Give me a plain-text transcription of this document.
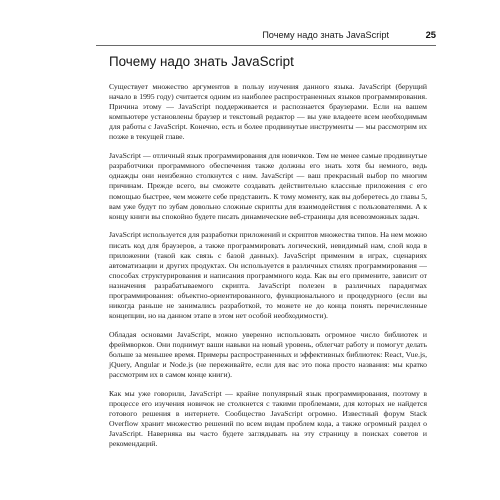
Почему надо знать JavaScript	25
Почему надо знать JavaScript

Существует множество аргументов в пользу изучения данного языка. JavaScript (берущий начало в 1995 году) считается одним из наиболее распространенных языков программирования. Причина этому — JavaScript поддерживается и распознается браузерами. Если на вашем компьютере установлены браузер и текстовый редактор — вы уже владеете всем необходимым для работы с JavaScript. Конечно, есть и более продвинутые инструменты — мы рассмотрим их позже в текущей главе.

JavaScript — отличный язык программирования для новичков. Тем не менее самые продвинутые разработчики программного обеспечения также должны его знать хотя бы немного, ведь однажды они неизбежно столкнутся с ним. JavaScript — ваш прекрасный выбор по многим причинам. Прежде всего, вы сможете создавать действительно классные приложения с его помощью быстрее, чем можете себе представить. К тому моменту, как вы доберетесь до главы 5, вам уже будут по зубам довольно сложные скрипты для взаимодействия с пользователями. А к концу книги вы спокойно будете писать динамические веб-страницы для всевозможных задач.

JavaScript используется для разработки приложений и скриптов множества типов. На нем можно писать код для браузеров, а также программировать логический, невидимый нам, слой кода в приложении (такой как связь с базой данных). JavaScript применим в играх, сценариях автоматизации и других продуктах. Он используется в различных стилях программирования — способах структурирования и написания программного кода. Как вы его примените, зависит от назначения разрабатываемого скрипта. JavaScript полезен в различных парадигмах программирования: объектно-ориентированного, функционального и процедурного (если вы никогда раньше не занимались разработкой, то можете не до конца понять перечисленные концепции, но на данном этапе в этом нет особой необходимости).

Обладая основами JavaScript, можно уверенно использовать огромное число библиотек и фреймворков. Они поднимут ваши навыки на новый уровень, облегчат работу и помогут делать больше за меньшее время. Примеры распространенных и эффективных библиотек: React, Vue.js, jQuery, Angular и Node.js (не переживайте, если для вас это пока просто названия: мы кратко рассмотрим их в самом конце книги).

Как мы уже говорили, JavaScript — крайне популярный язык программирования, поэтому в процессе его изучения новичок не столкнется с такими проблемами, для которых не найдется готового решения в интернете. Сообщество JavaScript огромно. Известный форум Stack Overflow хранит множество решений по всем видам проблем кода, а также огромный раздел о JavaScript. Наверняка вы часто будете заглядывать на эту страницу в поисках советов и рекомендаций.
